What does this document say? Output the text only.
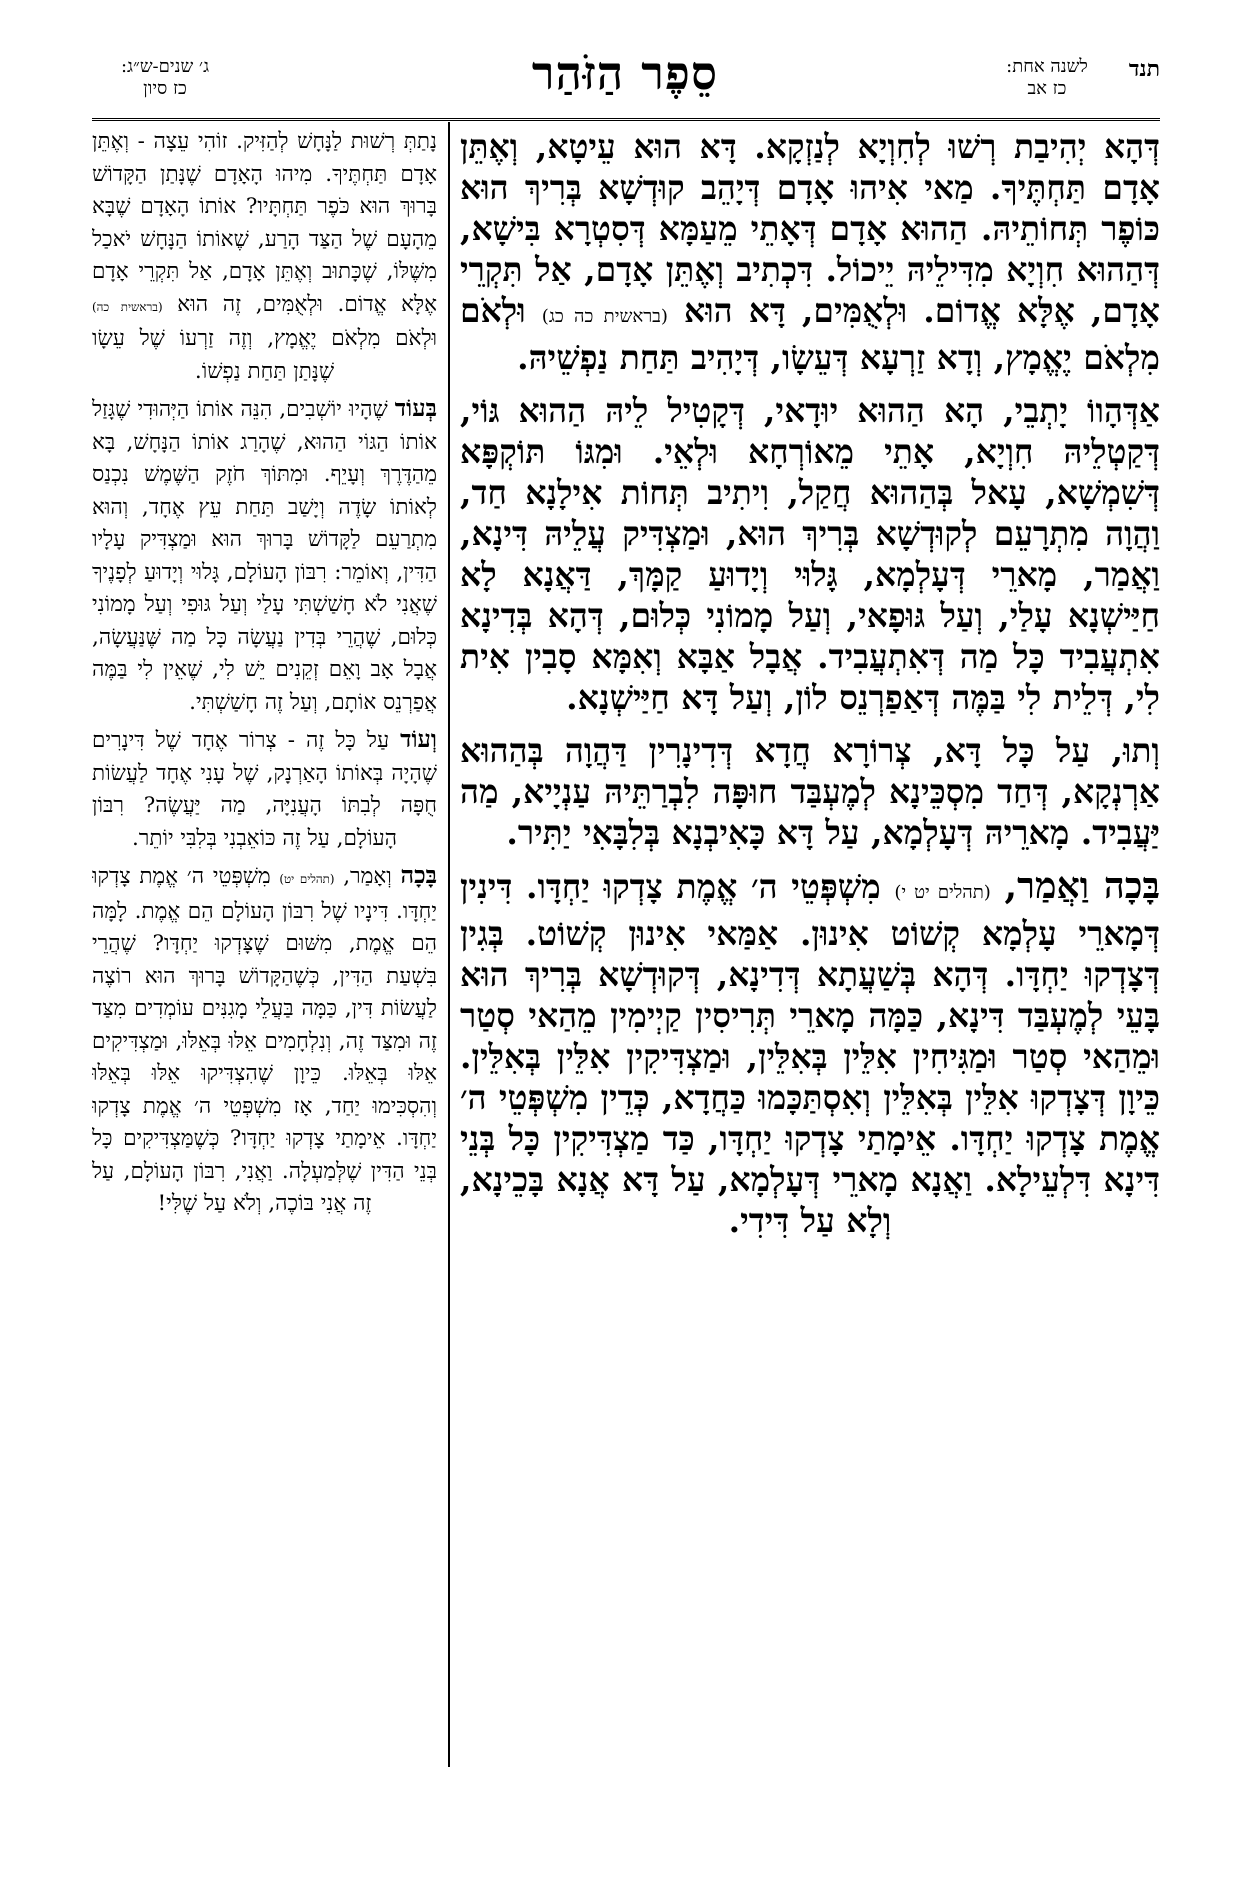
תנד לשנה אחת:
כז אב
סֵפֶר הַזֹּהַר
ג׳ שנים-ש״ג:
כז סיון

דְּהָא יְהִיבַת רְשׁוּ לְחִוְיָא לְנַזְקָא. דָּא הוּא עֵיטָא, וְאֶתֵּן אָדָם תַּחְתֶּיךָ. מַאי אִיהוּ אָדָם דְּיָהֵב קוּדְשָׁא בְּרִיךְ הוּא כּוֹפֶר תְּחוֹתֵיהּ. הַהוּא אָדָם דְּאָתֵי מֵעַמָּא דְּסִטְרָא בִּישָׁא, דְּהַהוּא חִוְיָא מִדִּילֵיהּ יֵיכוֹל. דִּכְתִיב וְאֶתֵּן אָדָם, אַל תִּקְרֵי אָדָם, אֶלָּא אֱדוֹם. וּלְאֻמִּים, דָּא הוּא (בראשית כה כג) וּלְאֹם מִלְאֹם יֶאֱמָץ, וְדָא זַרְעָא דְּעֵשָׂו, דְּיָהִיב תַּחַת נַפְשֵׁיהּ.

אַדְּהָווֹ יָתְבֵי, הָא הַהוּא יוּדָאי, דְּקָטִיל לֵיהּ הַהוּא גּוֹי, דְּקַטְלֵיהּ חִוְיָא, אָתֵי מֵאוֹרְחָא וּלְאֵי. וּמִגּוֹ תּוֹקְפָּא דְּשִׁמְשָׁא, עָאל בְּהַהוּא חֲקַל, וִיתִיב תְּחוֹת אִילָנָא חַד, וַהֲוָה מִתְרָעֵם לְקוּדְשָׁא בְּרִיךְ הוּא, וּמַצְדִּיק עֲלֵיהּ דִּינָא, וַאֲמַר, מָארֵי דְּעָלְמָא, גָּלוּי וְיָדוּעַ קַמָּךְ, דַּאֲנָא לָא חַיַּישְׁנָא עָלַי, וְעַל גּוּפָאי, וְעַל מָמוֹנִי כְּלוּם, דְּהָא בְּדִינָא אִתְעֲבִיד כָּל מַה דְּאִתְעֲבִיד. אֲבָל אַבָּא וְאִמָּא סָבִין אִית לִי, דְּלֵית לִי בַּמֶּה דְּאַפַרְנֵס לוֹן, וְעַל דָּא חַיַּישְׁנָא.

וְתוּ, עַל כָּל דָּא, צְרוֹרָא חֲדָא דְּדִינָרִין דַּהֲוָה בְּהַהוּא אַרְנְקָא, דְּחַד מִסְכֵּינָא לְמֶעְבַּד חוּפָּה לִבְרַתֵּיהּ עַנְיָיא, מַה יַּעֲבִיד. מָארֵיהּ דְּעָלְמָא, עַל דָּא כָּאִיבְנָא בְּלִבָּאִי יַתִּיר.

בָּכָה וַאֲמַר, (תהלים יט י) מִשְׁפְּטֵי ה׳ אֱמֶת צָדְקוּ יַחְדָּו. דִּינִין דְּמָארֵי עָלְמָא קְשׁוֹט אִינוּן. אַמַּאי אִינוּן קְשׁוֹט. בְּגִין דְּצָדְקוּ יַחְדָּו. דְּהָא בְּשַׁעֲתָא דְּדִינָא, דְּקוּדְשָׁא בְּרִיךְ הוּא בָּעֵי לְמֶעְבַּד דִּינָא, כַּמָּה מָארֵי תְּרִיסִין קַיְימִין מֵהַאי סְטַר וּמֵהַאי סְטַר וּמַגִּיחִין אִלֵּין בְּאִלֵּין, וּמַצְדִּיקִין אִלֵּין בְּאִלֵּין. כֵּיוָן דְּצָדְקוּ אִלֵּין בְּאִלֵּין וְאִסְתַּכָּמוּ כַּחֲדָא, כְּדֵין מִשְׁפְּטֵי ה׳ אֱמֶת צָדְקוּ יַחְדָּו. אֵימָתַי צָדְקוּ יַחְדָּו, כַּד מַצְדִּיקִין כָּל בְּנֵי דִּינָא דִּלְעֵילָא. וַאֲנָא מָארֵי דְּעָלְמָא, עַל דָּא אֲנָא בָּכֵינָא, וְלָא עַל דִּידִי.

נָתַתְּ רְשׁוּת לַנָּחָשׁ לְהַזִּיק. זוֹהִי עֵצָה - וְאֶתֵּן אָדָם תַּחְתֶּיךָ. מִיהוּ הָאָדָם שֶׁנָּתַן הַקָּדוֹשׁ בָּרוּךְ הוּא כֹּפֶר תַּחְתָּיו? אוֹתוֹ הָאָדָם שֶׁבָּא מֵהָעָם שֶׁל הַצַּד הָרַע, שֶׁאוֹתוֹ הַנָּחָשׁ יֹאכַל מִשֶּׁלּוֹ, שֶׁכָּתוּב וְאֶתֵּן אָדָם, אַל תִּקְרֵי אָדָם אֶלָּא אֱדוֹם. וּלְאֻמִּים, זֶה הוּא (בראשית כה) וּלְאֹם מִלְאֹם יֶאֱמָץ, וְזֶה זַרְעוֹ שֶׁל עֵשָׂו שֶׁנָּתַן תַּחַת נַפְשׁוֹ.

בְּעוֹד שֶׁהָיוּ יוֹשְׁבִים, הִנֵּה אוֹתוֹ הַיְּהוּדִי שֶׁגָּזַל אוֹתוֹ הַגּוֹי הַהוּא, שֶׁהָרַג אוֹתוֹ הַנָּחָשׁ, בָּא מֵהַדֶּרֶךְ וְעָיֵף. וּמִתּוֹךְ חֹזֶק הַשֶּׁמֶשׁ נִכְנַס לְאוֹתוֹ שָׂדֶה וְיָשַׁב תַּחַת עֵץ אֶחָד, וְהוּא מִתְרַעֵם לַקָּדוֹשׁ בָּרוּךְ הוּא וּמַצְדִּיק עָלָיו הַדִּין, וְאוֹמֵר: רִבּוֹן הָעוֹלָם, גָּלוּי וְיָדוּעַ לְפָנֶיךָ שֶׁאֲנִי לֹא חָשַׁשְׁתִּי עָלַי וְעַל גּוּפִי וְעַל מָמוֹנִי כְּלוּם, שֶׁהֲרֵי בְּדִין נַעֲשָׂה כָּל מַה שֶּׁנַּעֲשָׂה, אֲבָל אָב וָאֵם זְקֵנִים יֵשׁ לִי, שֶׁאֵין לִי בַּמֶּה אֲפַרְנֵס אוֹתָם, וְעַל זֶה חָשַׁשְׁתִּי.

וְעוֹד עַל כָּל זֶה - צְרוֹר אֶחָד שֶׁל דִּינָרִים שֶׁהָיָה בְּאוֹתוֹ הָאַרְנָק, שֶׁל עָנִי אֶחָד לַעֲשׂוֹת חֻפָּה לְבִתּוֹ הָעֲנִיָּה, מַה יַּעֲשֶׂה? רִבּוֹן הָעוֹלָם, עַל זֶה כּוֹאֵבְנִי בְּלִבִּי יוֹתֵר.

בָּכָה וְאָמַר, (תהלים יט) מִשְׁפְּטֵי ה׳ אֱמֶת צָדְקוּ יַחְדָּו. דִּינָיו שֶׁל רִבּוֹן הָעוֹלָם הֵם אֱמֶת. לָמָּה הֵם אֱמֶת, מִשּׁוּם שֶׁצָּדְקוּ יַחְדָּו? שֶׁהֲרֵי בִּשְׁעַת הַדִּין, כְּשֶׁהַקָּדוֹשׁ בָּרוּךְ הוּא רוֹצֶה לַעֲשׂוֹת דִּין, כַּמָּה בַּעֲלֵי מָגִנִּים עוֹמְדִים מִצַּד זֶה וּמִצַּד זֶה, וְנִלְחָמִים אֵלּוּ בְּאֵלּוּ, וּמַצְדִּיקִים אֵלּוּ בְּאֵלּוּ. כֵּיוָן שֶׁהִצְדִּיקוּ אֵלּוּ בְּאֵלּוּ וְהִסְכִּימוּ יַחַד, אָז מִשְׁפְּטֵי ה׳ אֱמֶת צָדְקוּ יַחְדָּו. אֵימָתַי צָדְקוּ יַחְדָּו? כְּשֶׁמַּצְדִּיקִים כָּל בְּנֵי הַדִּין שֶׁלְּמַעְלָה. וַאֲנִי, רִבּוֹן הָעוֹלָם, עַל זֶה אֲנִי בּוֹכֶה, וְלֹא עַל שֶׁלִּי!
